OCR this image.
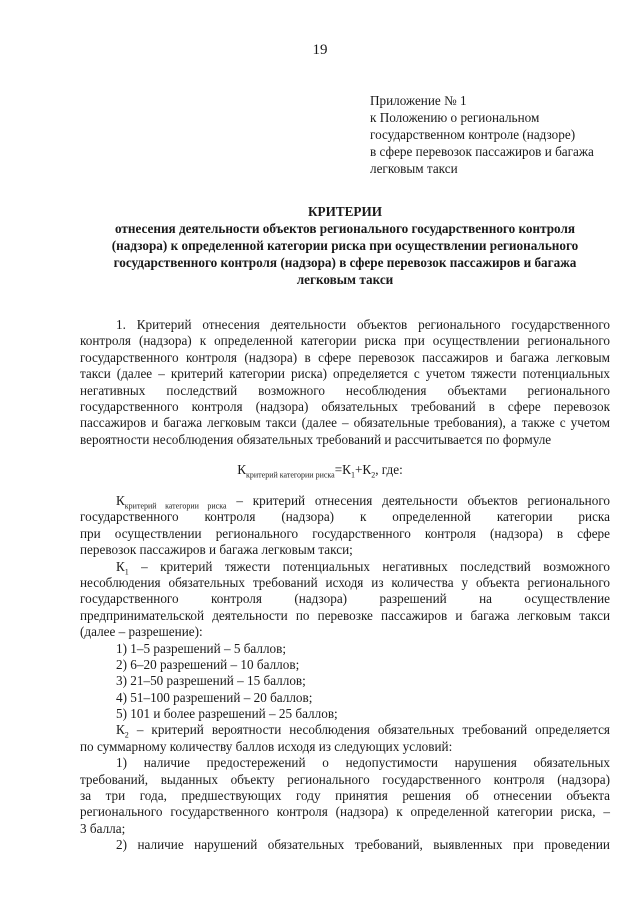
19
Приложение № 1
к Положению о региональном
государственном контроле (надзоре)
в сфере перевозок пассажиров и багажа
легковым такси
КРИТЕРИИ
отнесения деятельности объектов регионального государственного контроля
(надзора) к определенной категории риска при осуществлении регионального
государственного контроля (надзора) в сфере перевозок пассажиров и багажа
легковым такси
1. Критерий отнесения деятельности объектов регионального государственного
контроля (надзора) к определенной категории риска при осуществлении регионального
государственного контроля (надзора) в сфере перевозок пассажиров и багажа легковым
такси (далее – критерий категории риска) определяется с учетом тяжести потенциальных
негативных последствий возможного несоблюдения объектами регионального
государственного контроля (надзора) обязательных требований в сфере перевозок
пассажиров и багажа легковым такси (далее – обязательные требования), а также с учетом
вероятности несоблюдения обязательных требований и рассчитывается по формуле
$К_{критерий категории риска}=К_1+К_2$, где:
$К_{критерий категории риска}$ – критерий отнесения деятельности объектов регионального
государственного контроля (надзора) к определенной категории риска
при осуществлении регионального государственного контроля (надзора) в сфере
перевозок пассажиров и багажа легковым такси;
$К_1$ – критерий тяжести потенциальных негативных последствий возможного
несоблюдения обязательных требований исходя из количества у объекта регионального
государственного контроля (надзора) разрешений на осуществление
предпринимательской деятельности по перевозке пассажиров и багажа легковым такси
(далее – разрешение):
1) 1–5 разрешений – 5 баллов;
2) 6–20 разрешений – 10 баллов;
3) 21–50 разрешений – 15 баллов;
4) 51–100 разрешений – 20 баллов;
5) 101 и более разрешений – 25 баллов;
$К_2$ – критерий вероятности несоблюдения обязательных требований определяется
по суммарному количеству баллов исходя из следующих условий:
1) наличие предостережений о недопустимости нарушения обязательных
требований, выданных объекту регионального государственного контроля (надзора)
за три года, предшествующих году принятия решения об отнесении объекта
регионального государственного контроля (надзора) к определенной категории риска, –
3 балла;
2) наличие нарушений обязательных требований, выявленных при проведении
